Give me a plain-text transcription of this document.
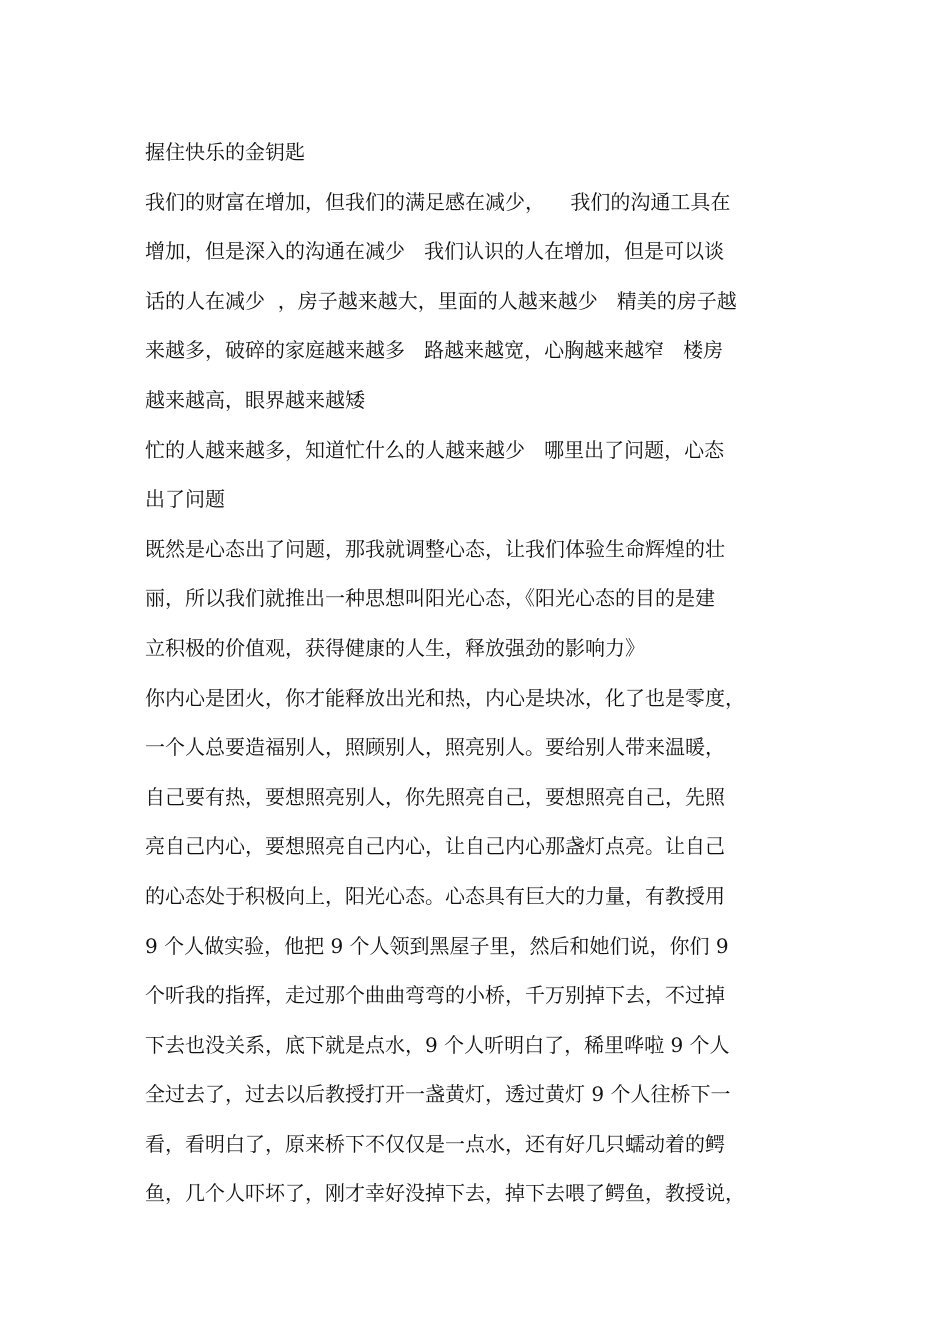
握住快乐的金钥匙
我们的财富在增加，但我们的满足感在减少，    我们的沟通工具在
增加，但是深入的沟通在减少   我们认识的人在增加，但是可以谈
话的人在减少  ，房子越来越大，里面的人越来越少   精美的房子越
来越多，破碎的家庭越来越多   路越来越宽，心胸越来越窄   楼房
越来越高，眼界越来越矮
忙的人越来越多，知道忙什么的人越来越少   哪里出了问题，心态
出了问题
既然是心态出了问题，那我就调整心态，让我们体验生命辉煌的壮
丽，所以我们就推出一种思想叫阳光心态，《阳光心态的目的是建
立积极的价值观，获得健康的人生，释放强劲的影响力》
你内心是团火，你才能释放出光和热，内心是块冰，化了也是零度，
一个人总要造福别人，照顾别人，照亮别人。要给别人带来温暖，
自己要有热，要想照亮别人，你先照亮自己，要想照亮自己，先照
亮自己内心，要想照亮自己内心，让自己内心那盏灯点亮。让自己
的心态处于积极向上，阳光心态。心态具有巨大的力量，有教授用
9 个人做实验，他把 9 个人领到黑屋子里，然后和她们说，你们 9
个听我的指挥，走过那个曲曲弯弯的小桥，千万别掉下去，不过掉
下去也没关系，底下就是点水，9 个人听明白了，稀里哗啦 9 个人
全过去了，过去以后教授打开一盏黄灯，透过黄灯 9 个人往桥下一
看，看明白了，原来桥下不仅仅是一点水，还有好几只蠕动着的鳄
鱼，几个人吓坏了，刚才幸好没掉下去，掉下去喂了鳄鱼，教授说，
